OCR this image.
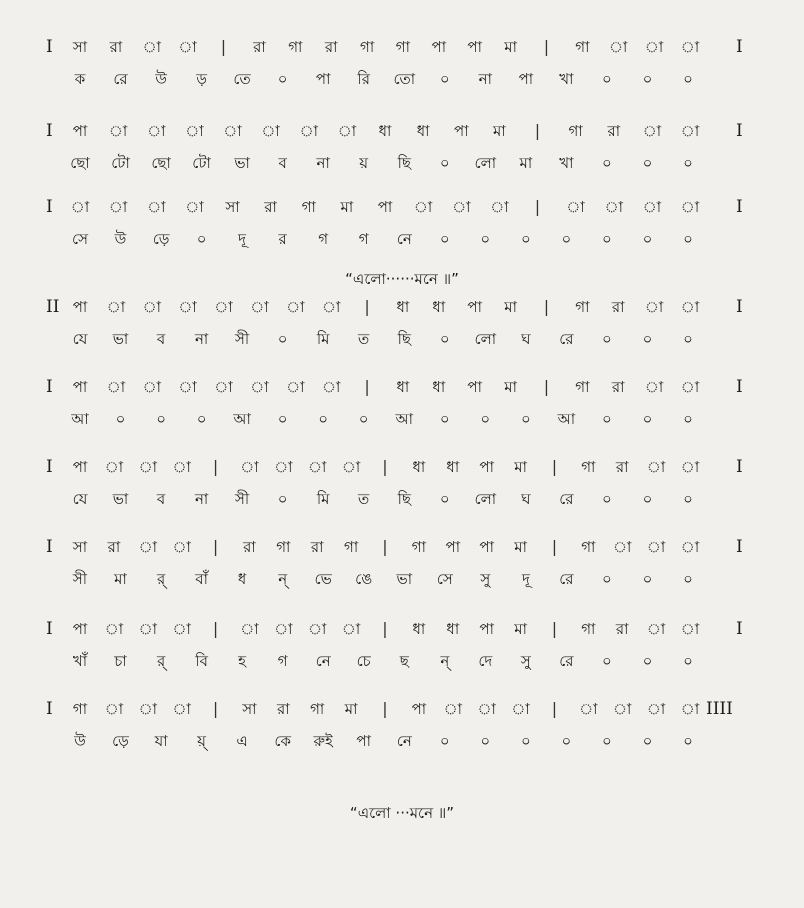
I সা রা া া | রা গা রা গা গা পা পা মা | গা া া া I
ক রে উ ড় তে ০ পা রি তো ০ না পা খা ০ ০ ০
I পা া া া া া া া ধা ধা পা মা | গা রা া া I
ছো টো ছো টো ভা ব না য় ছি ০ লো মা খা ০ ০ ০
I া া া া সা রা গা মা পা া া া | া া া া I
সে উ ড়ে ০ দূ র গ গ নে ০ ০ ০ ০ ০ ০ ০
“এলো······মনে ॥”
II পা া া া া া া া | ধা ধা পা মা | গা রা া া I
যে ভা ব না সী ০ মি ত ছি ০ লো ঘ রে ০ ০ ০
I পা া া া া া া া | ধা ধা পা মা | গা রা া া I
আ ০ ০ ০ আ ০ ০ ০ আ ০ ০ ০ আ ০ ০ ০
I পা া া া | া া া া | ধা ধা পা মা | গা রা া া I
যে ভা ব না সী ০ মি ত ছি ০ লো ঘ রে ০ ০ ০
I সা রা া া | রা গা রা গা | গা পা পা মা | গা া া া I
সী মা র্ বাঁ ধ ন্ ভে ঙে ভা সে সু দূ রে ০ ০ ০
I পা া া া | া া া া | ধা ধা পা মা | গা রা া া I
খাঁ চা র্ বি হ গ নে চে ছ ন্ দে সু রে ০ ০ ০
I গা া া া | সা রা গা মা | পা া া া | া া া া IIII
উ ড়ে যা য়্ এ কে রুই পা নে ০ ০ ০ ০ ০ ০ ০
“এলো ···মনে ॥”
